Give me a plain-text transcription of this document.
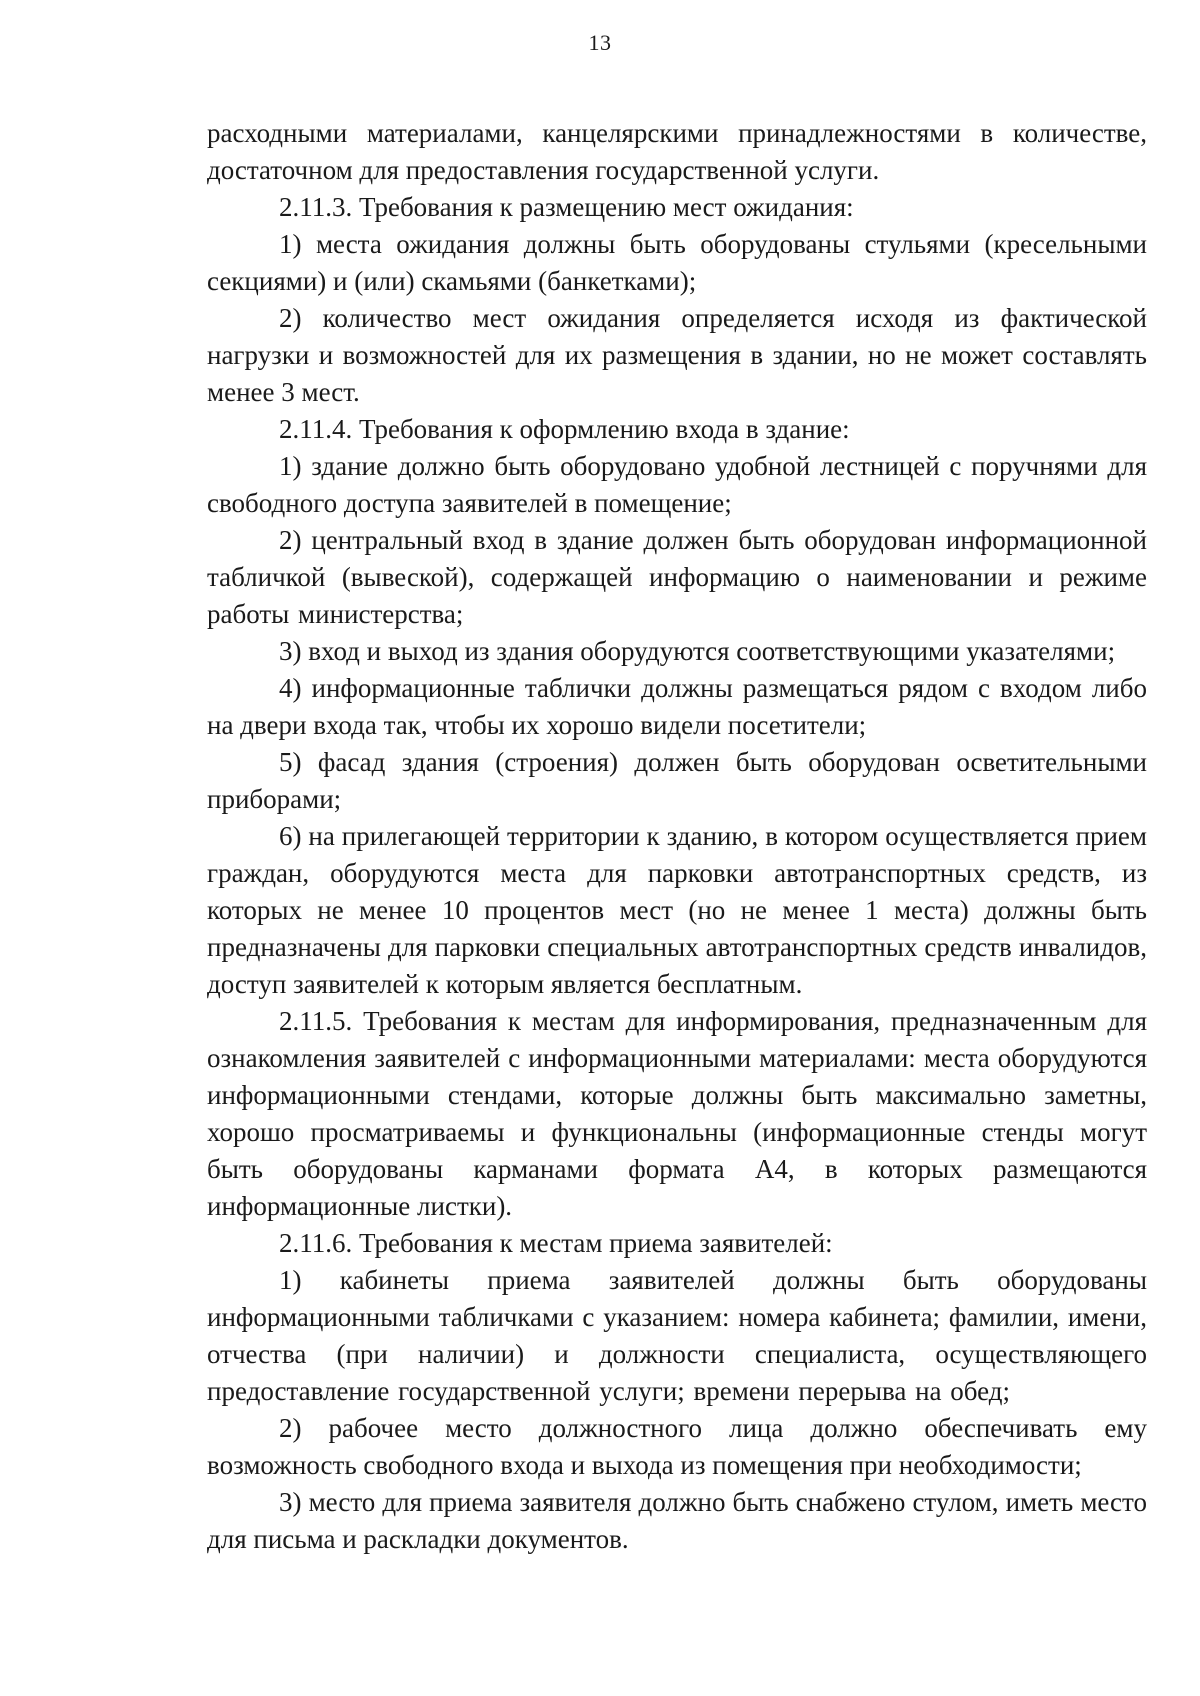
13

расходными материалами, канцелярскими принадлежностями в количестве, достаточном для предоставления государственной услуги.

2.11.3. Требования к размещению мест ожидания:

1) места ожидания должны быть оборудованы стульями (кресельными секциями) и (или) скамьями (банкетками);

2) количество мест ожидания определяется исходя из фактической нагрузки и возможностей для их размещения в здании, но не может составлять менее 3 мест.

2.11.4. Требования к оформлению входа в здание:

1) здание должно быть оборудовано удобной лестницей с поручнями для свободного доступа заявителей в помещение;

2) центральный вход в здание должен быть оборудован информационной табличкой (вывеской), содержащей информацию о наименовании и режиме работы министерства;

3) вход и выход из здания оборудуются соответствующими указателями;

4) информационные таблички должны размещаться рядом с входом либо на двери входа так, чтобы их хорошо видели посетители;

5) фасад здания (строения) должен быть оборудован осветительными приборами;

6) на прилегающей территории к зданию, в котором осуществляется прием граждан, оборудуются места для парковки автотранспортных средств, из которых не менее 10 процентов мест (но не менее 1 места) должны быть предназначены для парковки специальных автотранспортных средств инвалидов, доступ заявителей к которым является бесплатным.

2.11.5. Требования к местам для информирования, предназначенным для ознакомления заявителей с информационными материалами: места оборудуются информационными стендами, которые должны быть максимально заметны, хорошо просматриваемы и функциональны (информационные стенды могут быть оборудованы карманами формата А4, в которых размещаются информационные листки).

2.11.6. Требования к местам приема заявителей:

1) кабинеты приема заявителей должны быть оборудованы информационными табличками с указанием: номера кабинета; фамилии, имени, отчества (при наличии) и должности специалиста, осуществляющего предоставление государственной услуги; времени перерыва на обед;

2) рабочее место должностного лица должно обеспечивать ему возможность свободного входа и выхода из помещения при необходимости;

3) место для приема заявителя должно быть снабжено стулом, иметь место для письма и раскладки документов.
